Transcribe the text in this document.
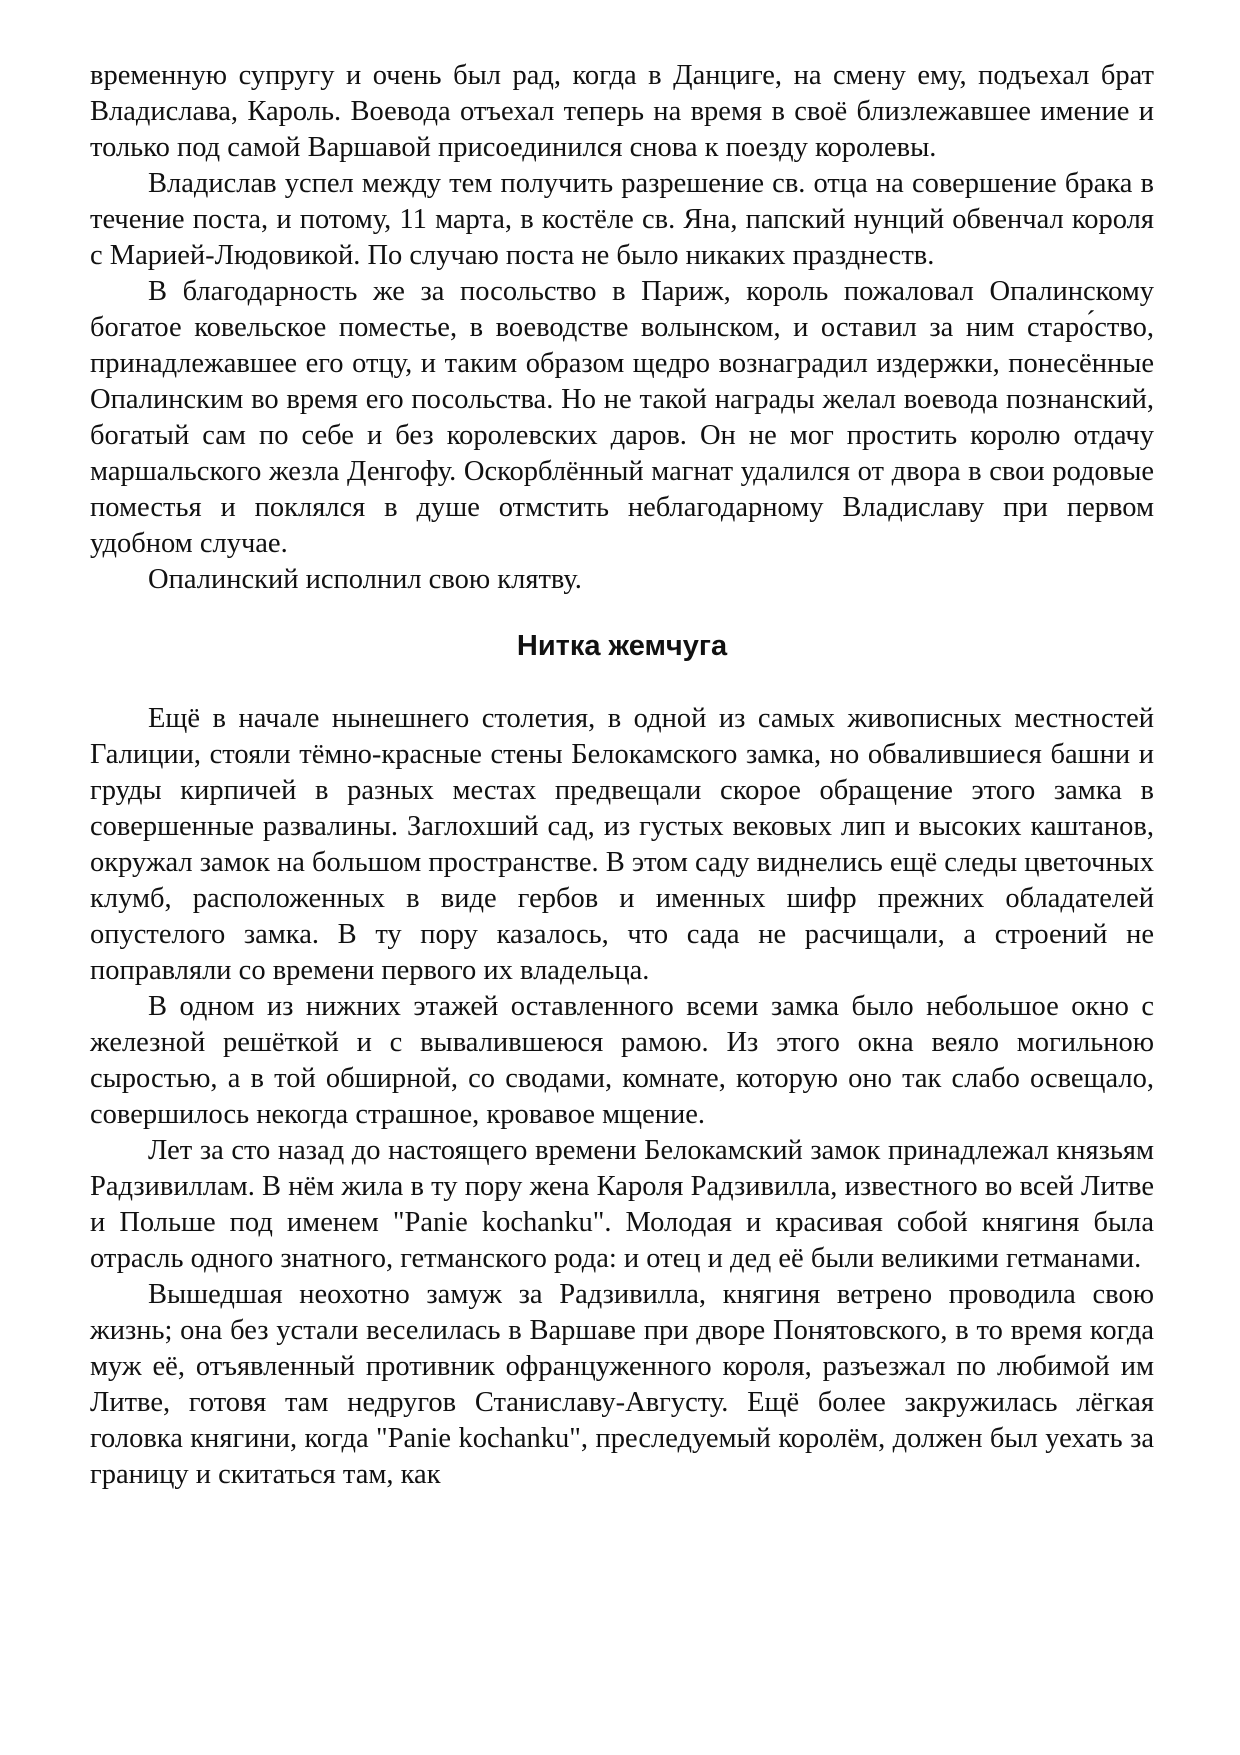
временную супругу и очень был рад, когда в Данциге, на смену ему, подъехал брат Владислава, Кароль. Воевода отъехал теперь на время в своё близлежавшее имение и только под самой Варшавой присоединился снова к поезду королевы.

Владислав успел между тем получить разрешение св. отца на совершение брака в течение поста, и потому, 11 марта, в костёле св. Яна, папский нунций обвенчал короля с Марией-Людовикой. По случаю поста не было никаких празднеств.

В благодарность же за посольство в Париж, король пожаловал Опалинскому богатое ковельское поместье, в воеводстве волынском, и оставил за ним старо́ство, принадлежавшее его отцу, и таким образом щедро вознаградил издержки, понесённые Опалинским во время его посольства. Но не такой награды желал воевода познанский, богатый сам по себе и без королевских даров. Он не мог простить королю отдачу маршальского жезла Денгофу. Оскорблённый магнат удалился от двора в свои родовые поместья и поклялся в душе отмстить неблагодарному Владиславу при первом удобном случае.

Опалинский исполнил свою клятву.

Нитка жемчуга

Ещё в начале нынешнего столетия, в одной из самых живописных местностей Галиции, стояли тёмно-красные стены Белокамского замка, но обвалившиеся башни и груды кирпичей в разных местах предвещали скорое обращение этого замка в совершенные развалины. Заглохший сад, из густых вековых лип и высоких каштанов, окружал замок на большом пространстве. В этом саду виднелись ещё следы цветочных клумб, расположенных в виде гербов и именных шифр прежних обладателей опустелого замка. В ту пору казалось, что сада не расчищали, а строений не поправляли со времени первого их владельца.

В одном из нижних этажей оставленного всеми замка было небольшое окно с железной решёткой и с вывалившеюся рамою. Из этого окна веяло могильною сыростью, а в той обширной, со сводами, комнате, которую оно так слабо освещало, совершилось некогда страшное, кровавое мщение.

Лет за сто назад до настоящего времени Белокамский замок принадлежал князьям Радзивиллам. В нём жила в ту пору жена Кароля Радзивилла, известного во всей Литве и Польше под именем "Panie kochanku". Молодая и красивая собой княгиня была отрасль одного знатного, гетманского рода: и отец и дед её были великими гетманами.

Вышедшая неохотно замуж за Радзивилла, княгиня ветрено проводила свою жизнь; она без устали веселилась в Варшаве при дворе Понятовского, в то время когда муж её, отъявленный противник офранцуженного короля, разъезжал по любимой им Литве, готовя там недругов Станиславу-Августу. Ещё более закружилась лёгкая головка княгини, когда "Panie kochanku", преследуемый королём, должен был уехать за границу и скитаться там, как
